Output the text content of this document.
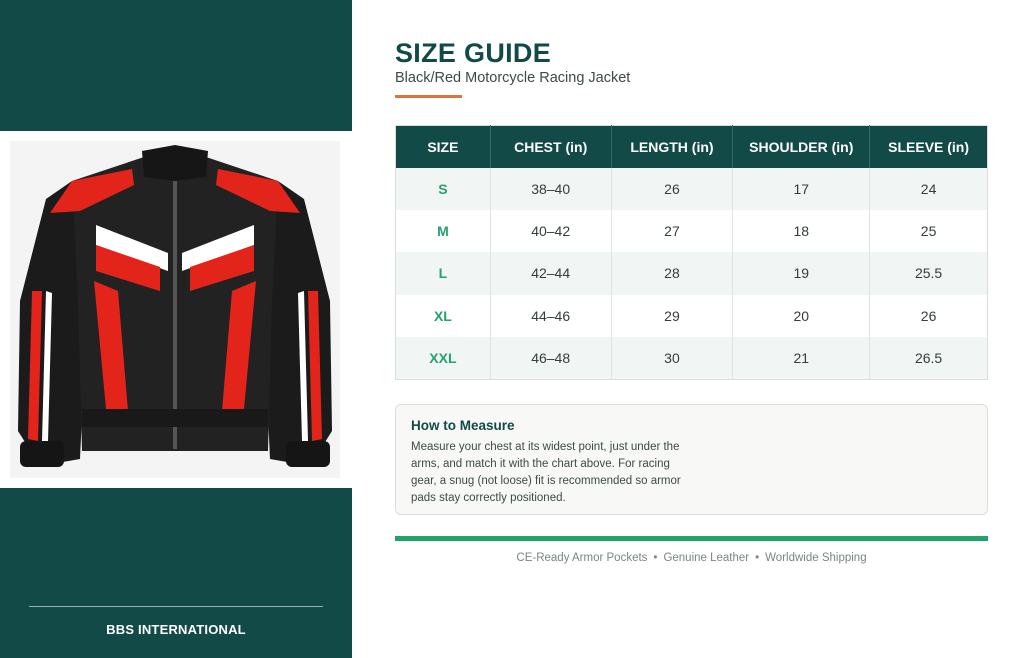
BBS INTERNATIONAL
SIZE GUIDE
Black/Red Motorcycle Racing Jacket
SIZE	CHEST (in)	LENGTH (in)	SHOULDER (in)	SLEEVE (in)
S	38–40	26	17	24
M	40–42	27	18	25
L	42–44	28	19	25.5
XL	44–46	29	20	26
XXL	46–48	30	21	26.5
How to Measure
Measure your chest at its widest point, just under the arms, and match it with the chart above. For racing gear, a snug (not loose) fit is recommended so armor pads stay correctly positioned.
CE-Ready Armor Pockets • Genuine Leather • Worldwide Shipping
